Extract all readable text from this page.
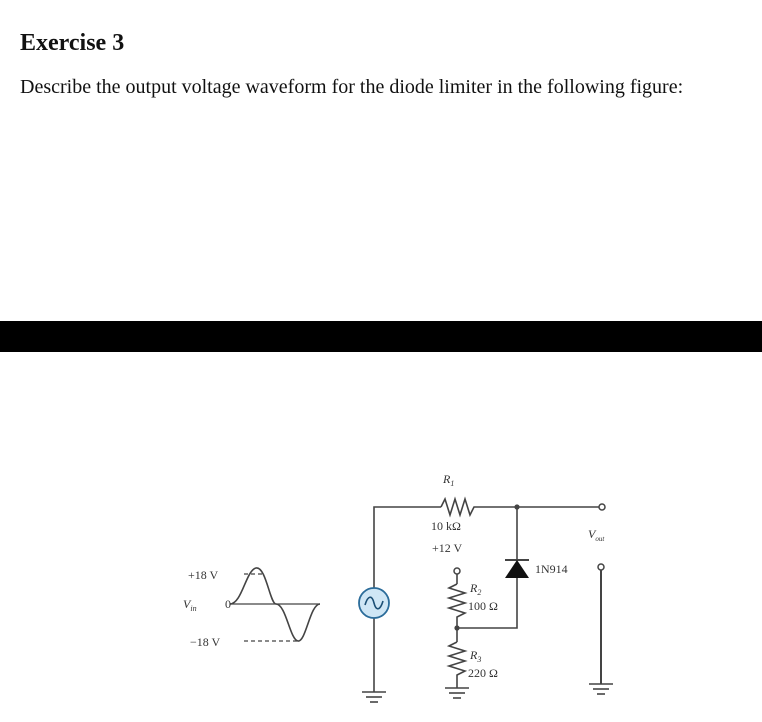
Exercise 3

Describe the output voltage waveform for the diode limiter in the following figure:

+18 V
0
−18 V
$V_{in}$
$R_1$
10 kΩ
+12 V
$R_2$
100 Ω
$R_3$
220 Ω
1N914
$V_{out}$
